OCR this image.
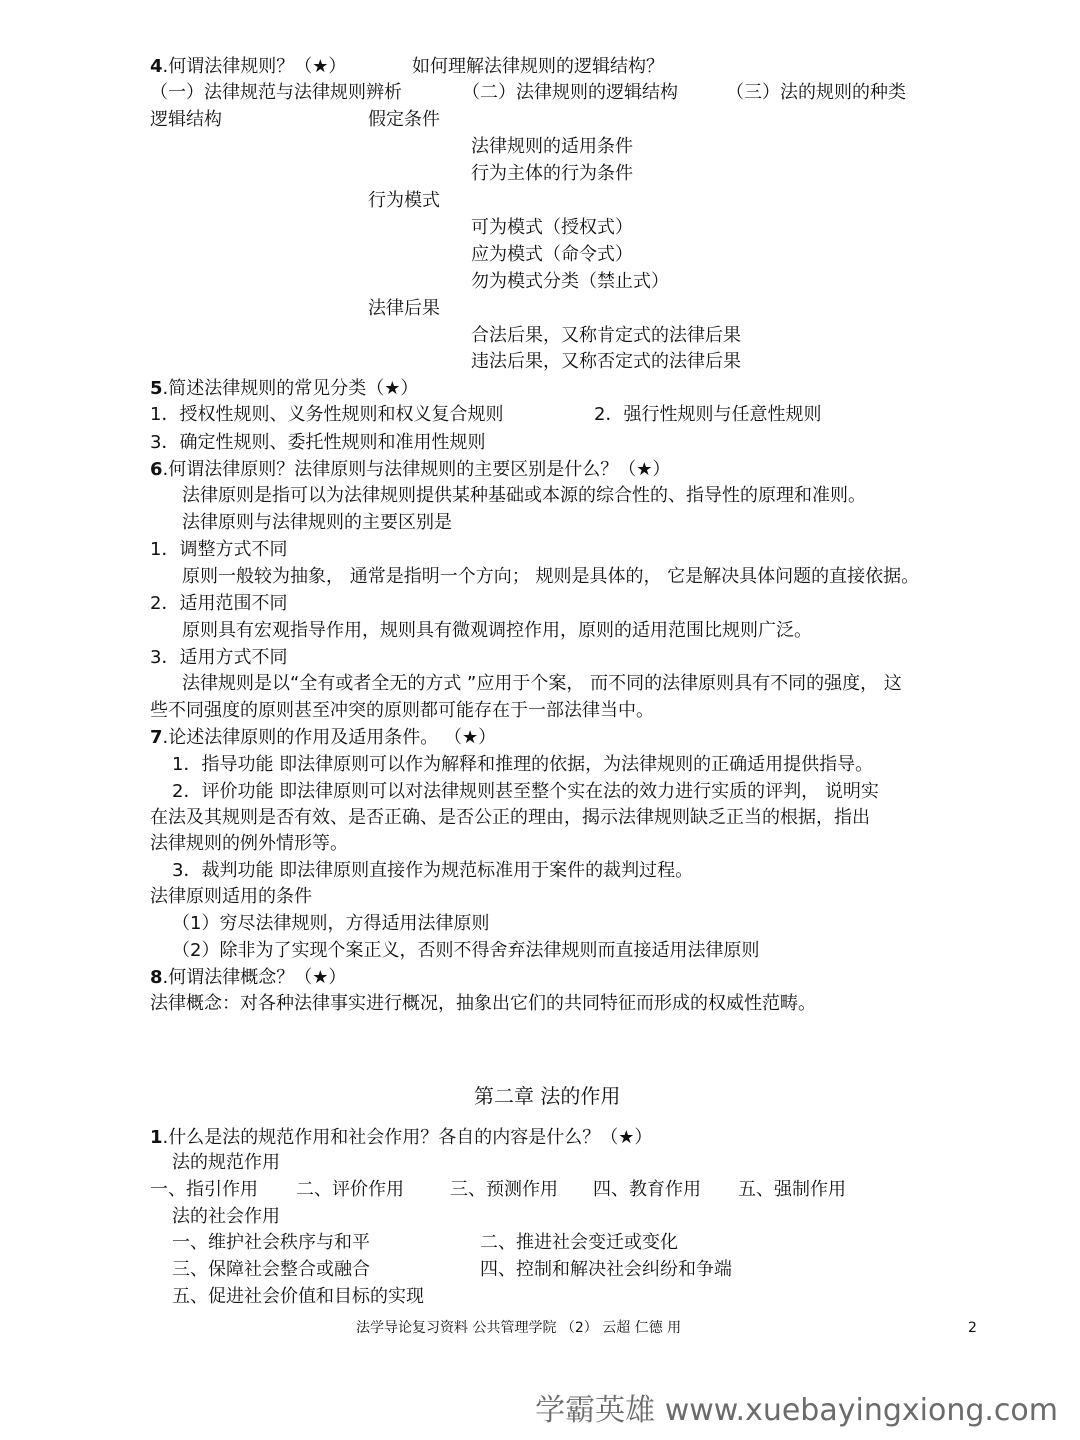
4.何谓法律规则？（★）	如何理解法律规则的逻辑结构？
（一）法律规范与法律规则辨析	（二）法律规则的逻辑结构	（三）法的规则的种类
逻辑结构	假定条件
法律规则的适用条件
行为主体的行为条件
行为模式
可为模式（授权式）
应为模式（命令式）
勿为模式分类（禁止式）
法律后果
合法后果，又称肯定式的法律后果
违法后果，又称否定式的法律后果
5.简述法律规则的常见分类（★）
1．授权性规则、义务性规则和权义复合规则	2．强行性规则与任意性规则
3．确定性规则、委托性规则和准用性规则
6.何谓法律原则？法律原则与法律规则的主要区别是什么？（★）
法律原则是指可以为法律规则提供某种基础或本源的综合性的、指导性的原理和准则。
法律原则与法律规则的主要区别是
1．调整方式不同
原则一般较为抽象， 通常是指明一个方向； 规则是具体的， 它是解决具体问题的直接依据。
2．适用范围不同
原则具有宏观指导作用，规则具有微观调控作用，原则的适用范围比规则广泛。
3．适用方式不同
法律规则是以“全有或者全无的方式 ”应用于个案， 而不同的法律原则具有不同的强度， 这
些不同强度的原则甚至冲突的原则都可能存在于一部法律当中。
7.论述法律原则的作用及适用条件。 （★）
1．指导功能 即法律原则可以作为解释和推理的依据，为法律规则的正确适用提供指导。
2．评价功能 即法律原则可以对法律规则甚至整个实在法的效力进行实质的评判， 说明实
在法及其规则是否有效、是否正确、是否公正的理由，揭示法律规则缺乏正当的根据，指出
法律规则的例外情形等。
3．裁判功能 即法律原则直接作为规范标准用于案件的裁判过程。
法律原则适用的条件
（1）穷尽法律规则，方得适用法律原则
（2）除非为了实现个案正义，否则不得舍弃法律规则而直接适用法律原则
8.何谓法律概念？（★）
法律概念：对各种法律事实进行概况，抽象出它们的共同特征而形成的权威性范畴。
第二章 法的作用
1.什么是法的规范作用和社会作用？各自的内容是什么？（★）
法的规范作用
一、指引作用 二、评价作用	三、预测作用 四、教育作用 五、强制作用
法的社会作用
一、维护社会秩序与和平	二、推进社会变迁或变化
三、保障社会整合或融合	四、控制和解决社会纠纷和争端
五、促进社会价值和目标的实现
法学导论复习资料 公共管理学院 （2） 云超 仁德 用	2
学霸英雄 www.xuebayingxiong.com
